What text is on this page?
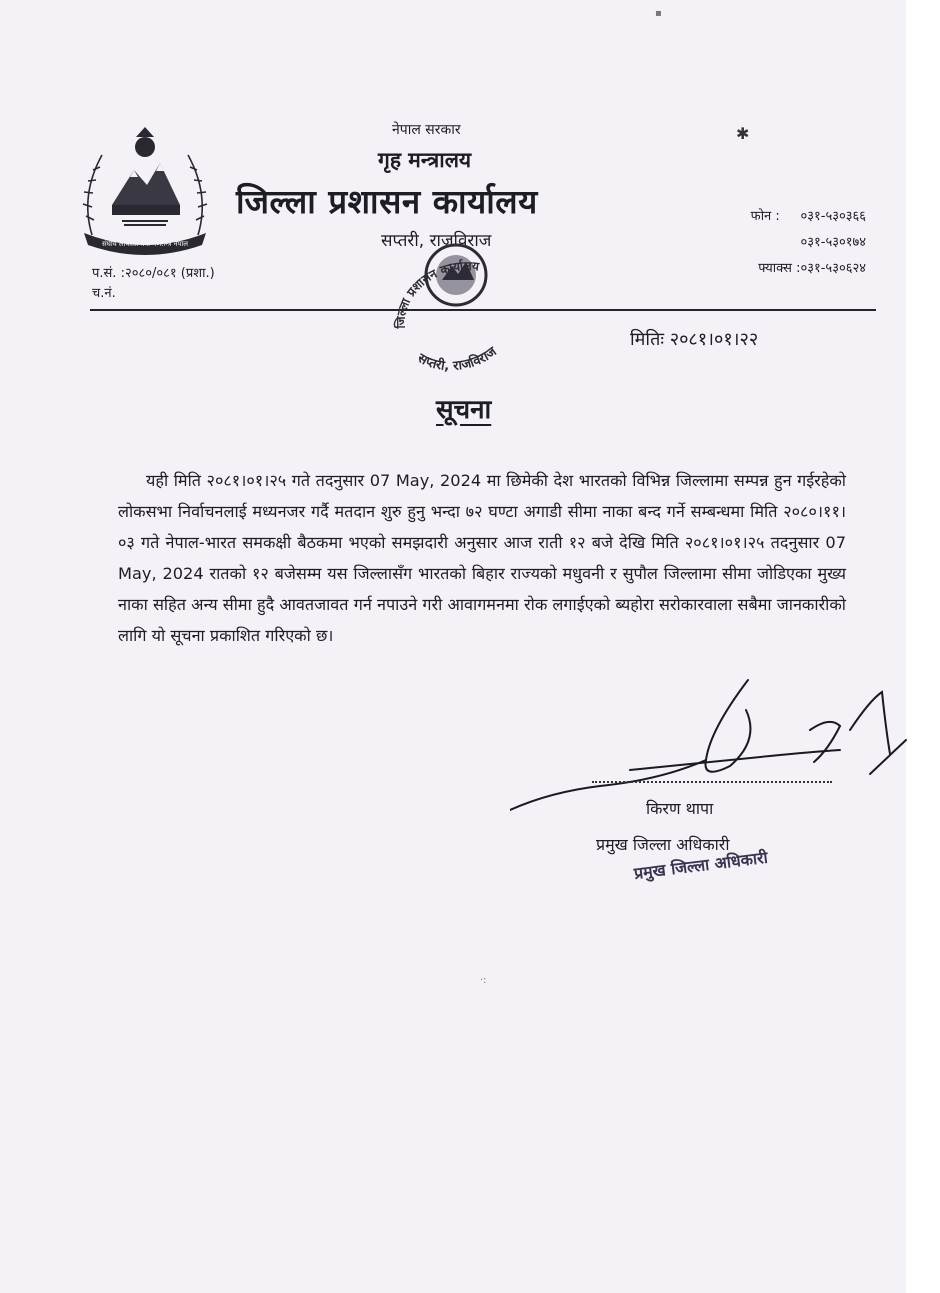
संघीय लोकतान्त्रिक गणतन्त्र नेपाल
नेपाल सरकार
गृह मन्त्रालय
जिल्ला प्रशासन कार्यालय
सप्तरी, राजविराज
फोन : ०३१-५३०३६६
०३१-५३०१७४
फ्याक्स :०३१-५३०६२४
प.सं. :२०८०/०८१ (प्रशा.)
च.नं.
जिल्ला प्रशासन कार्यालय
सप्तरी, राजविराज
मितिः २०८१।०१।२२
सूचना
यही मिति २०८१।०१।२५ गते तदनुसार 07 May, 2024 मा छिमेकी देश भारतको विभिन्न जिल्लामा सम्पन्न हुन गईरहेको लोकसभा निर्वाचनलाई मध्यनजर गर्दै मतदान शुरु हुनु भन्दा ७२ घण्टा अगाडी सीमा नाका बन्द गर्ने सम्बन्धमा मिति २०८०।११।०३ गते नेपाल-भारत समकक्षी बैठकमा भएको समझदारी अनुसार आज राती १२ बजे देखि मिति २०८१।०१।२५ तदनुसार 07 May, 2024 रातको १२ बजेसम्म यस जिल्लासँग भारतको बिहार राज्यको मधुवनी र सुपौल जिल्लामा सीमा जोडिएका मुख्य नाका सहित अन्य सीमा हुदै आवतजावत गर्न नपाउने गरी आवागमनमा रोक लगाईएको ब्यहोरा सरोकारवाला सबैमा जानकारीको लागि यो सूचना प्रकाशित गरिएको छ।
किरण थापा
प्रमुख जिल्ला अधिकारी
प्रमुख जिल्ला अधिकारी
▪
✱
·:
